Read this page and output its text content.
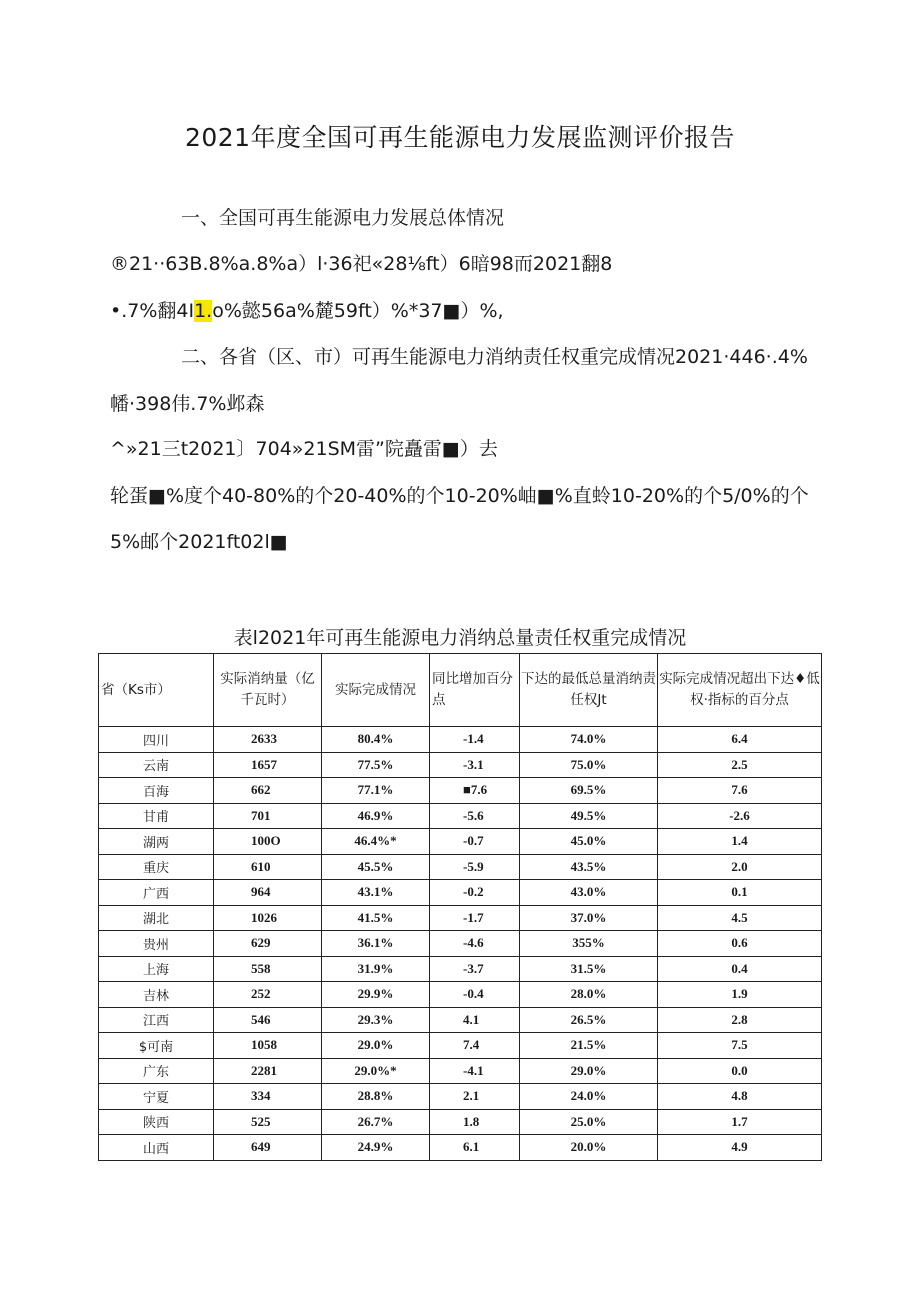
2021年度全国可再生能源电力发展监测评价报告
一、全国可再生能源电力发展总体情况
®21··63B.8%a.8%a）l·36祀«28⅛ft）6暗98而2021翻8
•.7%翻4I1.o%懿56a%麓59ft）%*37■）%,
二、各省（区、市）可再生能源电力消纳责任权重完成情况2021·446·.4%
幡·398伟.7%邺森
^»21三t2021〕704»21SM雷”院矗雷■）去
轮蛋■%度个40-80%的个20-40%的个10-20%岫■%直蛉10-20%的个5/0%的个
5%邮个2021ft02l■
表l2021年可再生能源电力消纳总量责任权重完成情况
省（Ks市）	实际消纳量（亿千瓦时）	实际完成情况	同比增加百分点	下达的最低总量消纳责任权Jt	实际完成情况超出下达♦低权·指标的百分点
四川	2633	80.4%	-1.4	74.0%	6.4
云南	1657	77.5%	-3.1	75.0%	2.5
百海	662	77.1%	■7.6	69.5%	7.6
甘甫	701	46.9%	-5.6	49.5%	-2.6
湖两	100O	46.4%*	-0.7	45.0%	1.4
重庆	610	45.5%	-5.9	43.5%	2.0
广西	964	43.1%	-0.2	43.0%	0.1
湖北	1026	41.5%	-1.7	37.0%	4.5
贵州	629	36.1%	-4.6	355%	0.6
上海	558	31.9%	-3.7	31.5%	0.4
吉林	252	29.9%	-0.4	28.0%	1.9
江西	546	29.3%	4.1	26.5%	2.8
$可南	1058	29.0%	7.4	21.5%	7.5
广东	2281	29.0%*	-4.1	29.0%	0.0
宁夏	334	28.8%	2.1	24.0%	4.8
陕西	525	26.7%	1.8	25.0%	1.7
山西	649	24.9%	6.1	20.0%	4.9
